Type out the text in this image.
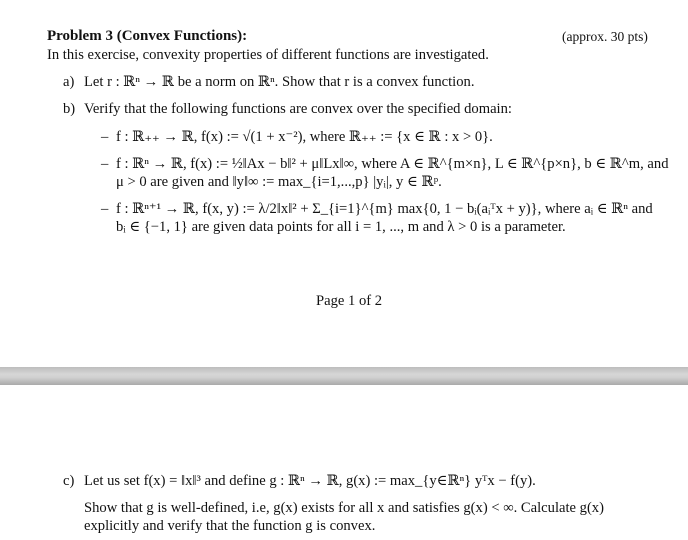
Problem 3 (Convex Functions):	(approx. 30 pts)
In this exercise, convexity properties of different functions are investigated.
a) Let r : ℝⁿ → ℝ be a norm on ℝⁿ. Show that r is a convex function.
b) Verify that the following functions are convex over the specified domain:
– f : ℝ₊₊ → ℝ, f(x) := √(1 + x⁻²), where ℝ₊₊ := {x ∈ ℝ : x > 0}.
– f : ℝⁿ → ℝ, f(x) := ½‖Ax − b‖² + μ‖Lx‖∞, where A ∈ ℝ^{m×n}, L ∈ ℝ^{p×n}, b ∈ ℝ^m, and
μ > 0 are given and ‖y‖∞ := max_{i=1,...,p} |yᵢ|, y ∈ ℝᵖ.
– f : ℝⁿ⁺¹ → ℝ, f(x, y) := λ/2‖x‖² + Σ_{i=1}^{m} max{0, 1 − bᵢ(aᵢᵀx + y)}, where aᵢ ∈ ℝⁿ and
bᵢ ∈ {−1, 1} are given data points for all i = 1, ..., m and λ > 0 is a parameter.
Page 1 of 2
c) Let us set f(x) = ‖x‖³ and define g : ℝⁿ → ℝ, g(x) := max_{y∈ℝⁿ} yᵀx − f(y).
Show that g is well-defined, i.e, g(x) exists for all x and satisfies g(x) < ∞. Calculate g(x)
explicitly and verify that the function g is convex.
